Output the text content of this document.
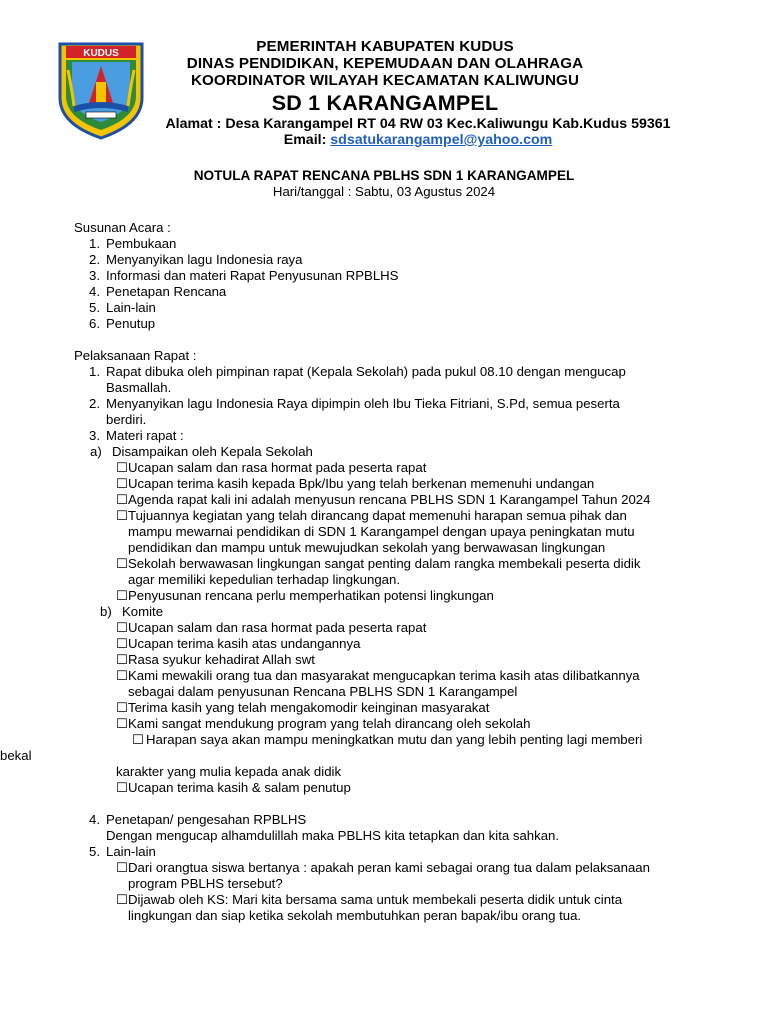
KUDUS	PEMERINTAH KABUPATEN KUDUS
DINAS PENDIDIKAN, KEPEMUDAAN DAN OLAHRAGA
KOORDINATOR WILAYAH KECAMATAN KALIWUNGU
SD 1 KARANGAMPEL
Alamat : Desa Karangampel RT 04 RW 03 Kec.Kaliwungu Kab.Kudus 59361
Email: sdsatukarangampel@yahoo.com
NOTULA RAPAT RENCANA PBLHS SDN 1 KARANGAMPEL
Hari/tanggal : Sabtu, 03 Agustus 2024
Susunan Acara :
1. Pembukaan
2. Menyanyikan lagu Indonesia raya
3. Informasi dan materi Rapat Penyusunan RPBLHS
4. Penetapan Rencana
5. Lain-lain
6. Penutup
Pelaksanaan Rapat :
1. Rapat dibuka oleh pimpinan rapat (Kepala Sekolah) pada pukul 08.10 dengan mengucap
Basmallah.
2. Menyanyikan lagu Indonesia Raya dipimpin oleh Ibu Tieka Fitriani, S.Pd, semua peserta
berdiri.
3. Materi rapat :
a) Disampaikan oleh Kepala Sekolah
☐ Ucapan salam dan rasa hormat pada peserta rapat
☐ Ucapan terima kasih kepada Bpk/Ibu yang telah berkenan memenuhi undangan
☐ Agenda rapat kali ini adalah menyusun rencana PBLHS SDN 1 Karangampel Tahun 2024
☐ Tujuannya kegiatan yang telah dirancang dapat memenuhi harapan semua pihak dan
mampu mewarnai pendidikan di SDN 1 Karangampel dengan upaya peningkatan mutu
pendidikan dan mampu untuk mewujudkan sekolah yang berwawasan lingkungan
☐ Sekolah berwawasan lingkungan sangat penting dalam rangka membekali peserta didik
agar memiliki kepedulian terhadap lingkungan.
☐ Penyusunan rencana perlu memperhatikan potensi lingkungan
b) Komite
☐ Ucapan salam dan rasa hormat pada peserta rapat
☐ Ucapan terima kasih atas undangannya
☐ Rasa syukur kehadirat Allah swt
☐ Kami mewakili orang tua dan masyarakat mengucapkan terima kasih atas dilibatkannya
sebagai dalam penyusunan Rencana PBLHS SDN 1 Karangampel
☐ Terima kasih yang telah mengakomodir keinginan masyarakat
☐ Kami sangat mendukung program yang telah dirancang oleh sekolah
☐ Harapan saya akan mampu meningkatkan mutu dan yang lebih penting lagi memberi
bekal
karakter yang mulia kepada anak didik
☐ Ucapan terima kasih & salam penutup
4. Penetapan/ pengesahan RPBLHS
Dengan mengucap alhamdulillah maka PBLHS kita tetapkan dan kita sahkan.
5. Lain-lain
☐ Dari orangtua siswa bertanya : apakah peran kami sebagai orang tua dalam pelaksanaan
program PBLHS tersebut?
☐ Dijawab oleh KS: Mari kita bersama sama untuk membekali peserta didik untuk cinta
lingkungan dan siap ketika sekolah membutuhkan peran bapak/ibu orang tua.
